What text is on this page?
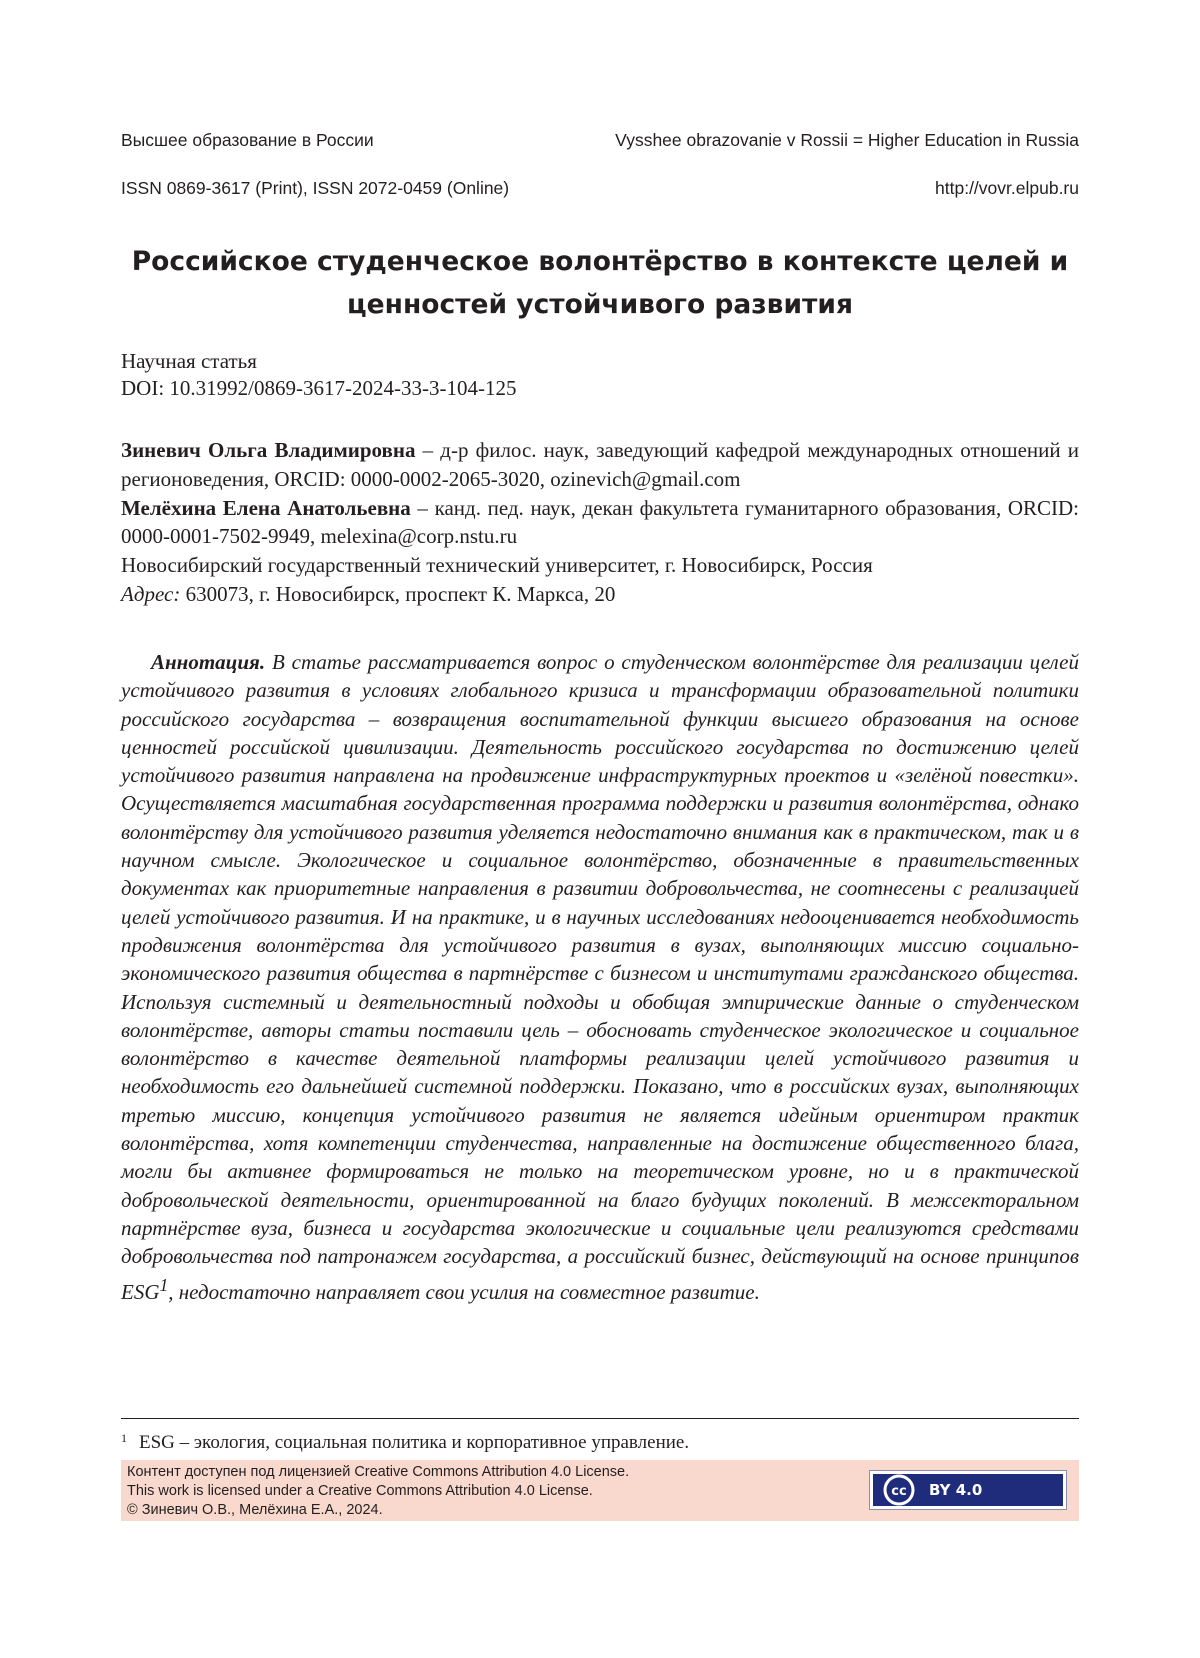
Высшее образование в России	Vysshee obrazovanie v Rossii = Higher Education in Russia
ISSN 0869-3617 (Print), ISSN 2072-0459 (Online)	http://vovr.elpub.ru
Российское студенческое волонтёрство в контексте целей и
ценностей устойчивого развития
Научная статья
DOI: 10.31992/0869-3617-2024-33-3-104-125

Зиневич Ольга Владимировна – д-р филос. наук, заведующий кафедрой международных отношений и регионоведения, ORCID: 0000-0002-2065-3020, ozinevich@gmail.com

Мелёхина Елена Анатольевна – канд. пед. наук, декан факультета гуманитарного образования, ORCID: 0000-0001-7502-9949, melexina@corp.nstu.ru

Новосибирский государственный технический университет, г. Новосибирск, Россия

Адрес: 630073, г. Новосибирск, проспект К. Маркса, 20

Аннотация. В статье рассматривается вопрос о студенческом волонтёрстве для реализации целей устойчивого развития в условиях глобального кризиса и трансформации образовательной политики российского государства – возвращения воспитательной функции высшего образования на основе ценностей российской цивилизации. Деятельность российского государства по достижению целей устойчивого развития направлена на продвижение инфраструктурных проектов и «зелёной повестки». Осуществляется масштабная государственная программа поддержки и развития волонтёрства, однако волонтёрству для устойчивого развития уделяется недостаточно внимания как в практическом, так и в научном смысле. Экологическое и социальное волонтёрство, обозначенные в правительственных документах как приоритетные направления в развитии добровольчества, не соотнесены с реализацией целей устойчивого развития. И на практике, и в научных исследованиях недооценивается необходимость продвижения волонтёрства для устойчивого развития в вузах, выполняющих миссию социально-экономического развития общества в партнёрстве с бизнесом и институтами гражданского общества. Используя системный и деятельностный подходы и обобщая эмпирические данные о студенческом волонтёрстве, авторы статьи поставили цель – обосновать студенческое экологическое и социальное волонтёрство в качестве деятельной платформы реализации целей устойчивого развития и необходимость его дальнейшей системной поддержки. Показано, что в российских вузах, выполняющих третью миссию, концепция устойчивого развития не является идейным ориентиром практик волонтёрства, хотя компетенции студенчества, направленные на достижение общественного блага, могли бы активнее формироваться не только на теоретическом уровне, но и в практической добровольческой деятельности, ориентированной на благо будущих поколений. В межсекторальном партнёрстве вуза, бизнеса и государства экологические и социальные цели реализуются средствами добровольчества под патронажем государства, а российский бизнес, действующий на основе принципов ESG$^1$, недостаточно направляет свои усилия на совместное развитие.

$^1$ ESG – экология, социальная политика и корпоративное управление.
Контент доступен под лицензией Creative Commons Attribution 4.0 License.
This work is licensed under a Creative Commons Attribution 4.0 License.
© Зиневич О.В., Мелёхина Е.А., 2024.
cc BY 4.0
